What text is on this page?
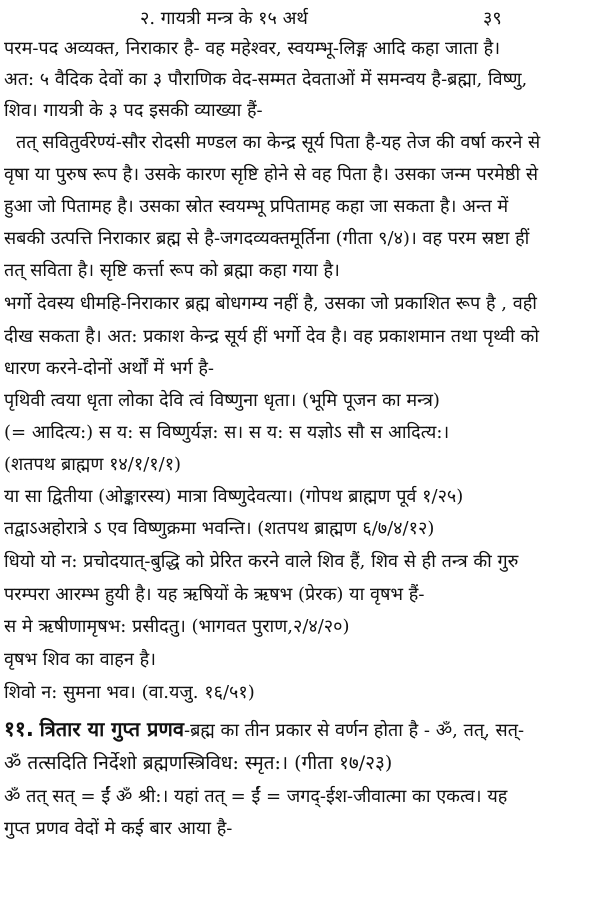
२. गायत्री मन्त्र के १५ अर्थ	३९
परम-पद अव्यक्त, निराकार है- वह महेश्वर, स्वयम्भू-लिङ्ग आदि कहा जाता है।
अत: ५ वैदिक देवों का ३ पौराणिक वेद-सम्मत देवताओं में समन्वय है-ब्रह्मा, विष्णु,
शिव। गायत्री के ३ पद इसकी व्याख्या हैं-
तत् सवितुर्वरेण्यं-सौर रोदसी मण्डल का केन्द्र सूर्य पिता है-यह तेज की वर्षा करने से
वृषा या पुरुष रूप है। उसके कारण सृष्टि होने से वह पिता है। उसका जन्म परमेष्ठी से
हुआ जो पितामह है। उसका स्रोत स्वयम्भू प्रपितामह कहा जा सकता है। अन्त में
सबकी उत्पत्ति निराकार ब्रह्म से है-जगदव्यक्तमूर्तिना (गीता ९/४)। वह परम स्रष्टा हीं
तत् सविता है। सृष्टि कर्त्ता रूप को ब्रह्मा कहा गया है।
भर्गो देवस्य धीमहि-निराकार ब्रह्म बोधगम्य नहीं है, उसका जो प्रकाशित रूप है , वही
दीख सकता है। अत: प्रकाश केन्द्र सूर्य हीं भर्गो देव है। वह प्रकाशमान तथा पृथ्वी को
धारण करने-दोनों अर्थों में भर्ग है-
पृथिवी त्वया धृता लोका देवि त्वं विष्णुना धृता। (भूमि पूजन का मन्त्र)
(= आदित्य:) स य: स विष्णुर्यज्ञ: स। स य: स यज्ञोऽ सौ स आदित्य:।
(शतपथ ब्राह्मण १४/१/१/१)
या सा द्वितीया (ओङ्कारस्य) मात्रा विष्णुदेवत्या। (गोपथ ब्राह्मण पूर्व १/२५)
तद्वाऽअहोरात्रे ऽ एव विष्णुक्रमा भवन्ति। (शतपथ ब्राह्मण ६/७/४/१२)
धियो यो न: प्रचोदयात्-बुद्धि को प्रेरित करने वाले शिव हैं, शिव से ही तन्त्र की गुरु
परम्परा आरम्भ हुयी है। यह ऋषियों के ऋषभ (प्रेरक) या वृषभ हैं-
स मे ऋषीणामृषभ: प्रसीदतु। (भागवत पुराण,२/४/२०)
वृषभ शिव का वाहन है।
शिवो न: सुमना भव। (वा.यजु. १६/५१)
११. त्रितार या गुप्त प्रणव-ब्रह्म का तीन प्रकार से वर्णन होता है - ॐ, तत्, सत्-
ॐ तत्सदिति निर्देशो ब्रह्मणस्त्रिविध: स्मृत:। (गीता १७/२३)
ॐ तत् सत् = ईं ॐ श्री:। यहां तत् = ईं = जगद्-ईश-जीवात्मा का एकत्व। यह
गुप्त प्रणव वेदों मे कई बार आया है-
